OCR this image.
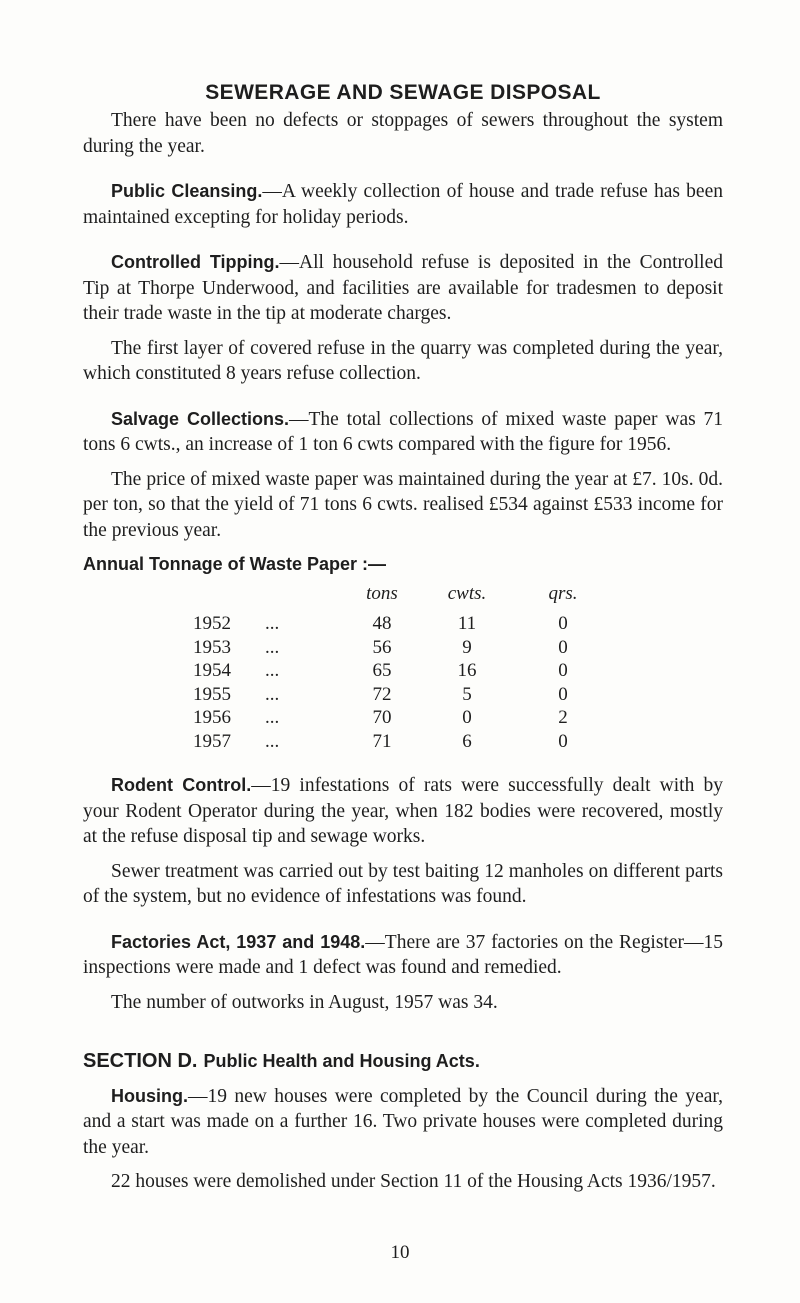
SEWERAGE AND SEWAGE DISPOSAL

There have been no defects or stoppages of sewers throughout the system during the year.

Public Cleansing.—A weekly collection of house and trade refuse has been maintained excepting for holiday periods.

Controlled Tipping.—All household refuse is deposited in the Controlled Tip at Thorpe Underwood, and facilities are available for tradesmen to deposit their trade waste in the tip at moderate charges.

The first layer of covered refuse in the quarry was completed during the year, which constituted 8 years refuse collection.

Salvage Collections.—The total collections of mixed waste paper was 71 tons 6 cwts., an increase of 1 ton 6 cwts compared with the figure for 1956.

The price of mixed waste paper was maintained during the year at £7. 10s. 0d. per ton, so that the yield of 71 tons 6 cwts. realised £534 against £533 income for the previous year.

Annual Tonnage of Waste Paper :—
		tons	cwts.	qrs.
1952	...	48	11	0
1953	...	56	9	0
1954	...	65	16	0
1955	...	72	5	0
1956	...	70	0	2
1957	...	71	6	0

Rodent Control.—19 infestations of rats were successfully dealt with by your Rodent Operator during the year, when 182 bodies were recovered, mostly at the refuse disposal tip and sewage works.

Sewer treatment was carried out by test baiting 12 manholes on different parts of the system, but no evidence of infestations was found.

Factories Act, 1937 and 1948.—There are 37 factories on the Register—15 inspections were made and 1 defect was found and remedied.

The number of outworks in August, 1957 was 34.

SECTION D. Public Health and Housing Acts.

Housing.—19 new houses were completed by the Council during the year, and a start was made on a further 16. Two private houses were completed during the year.

22 houses were demolished under Section 11 of the Housing Acts 1936/1957.

10
